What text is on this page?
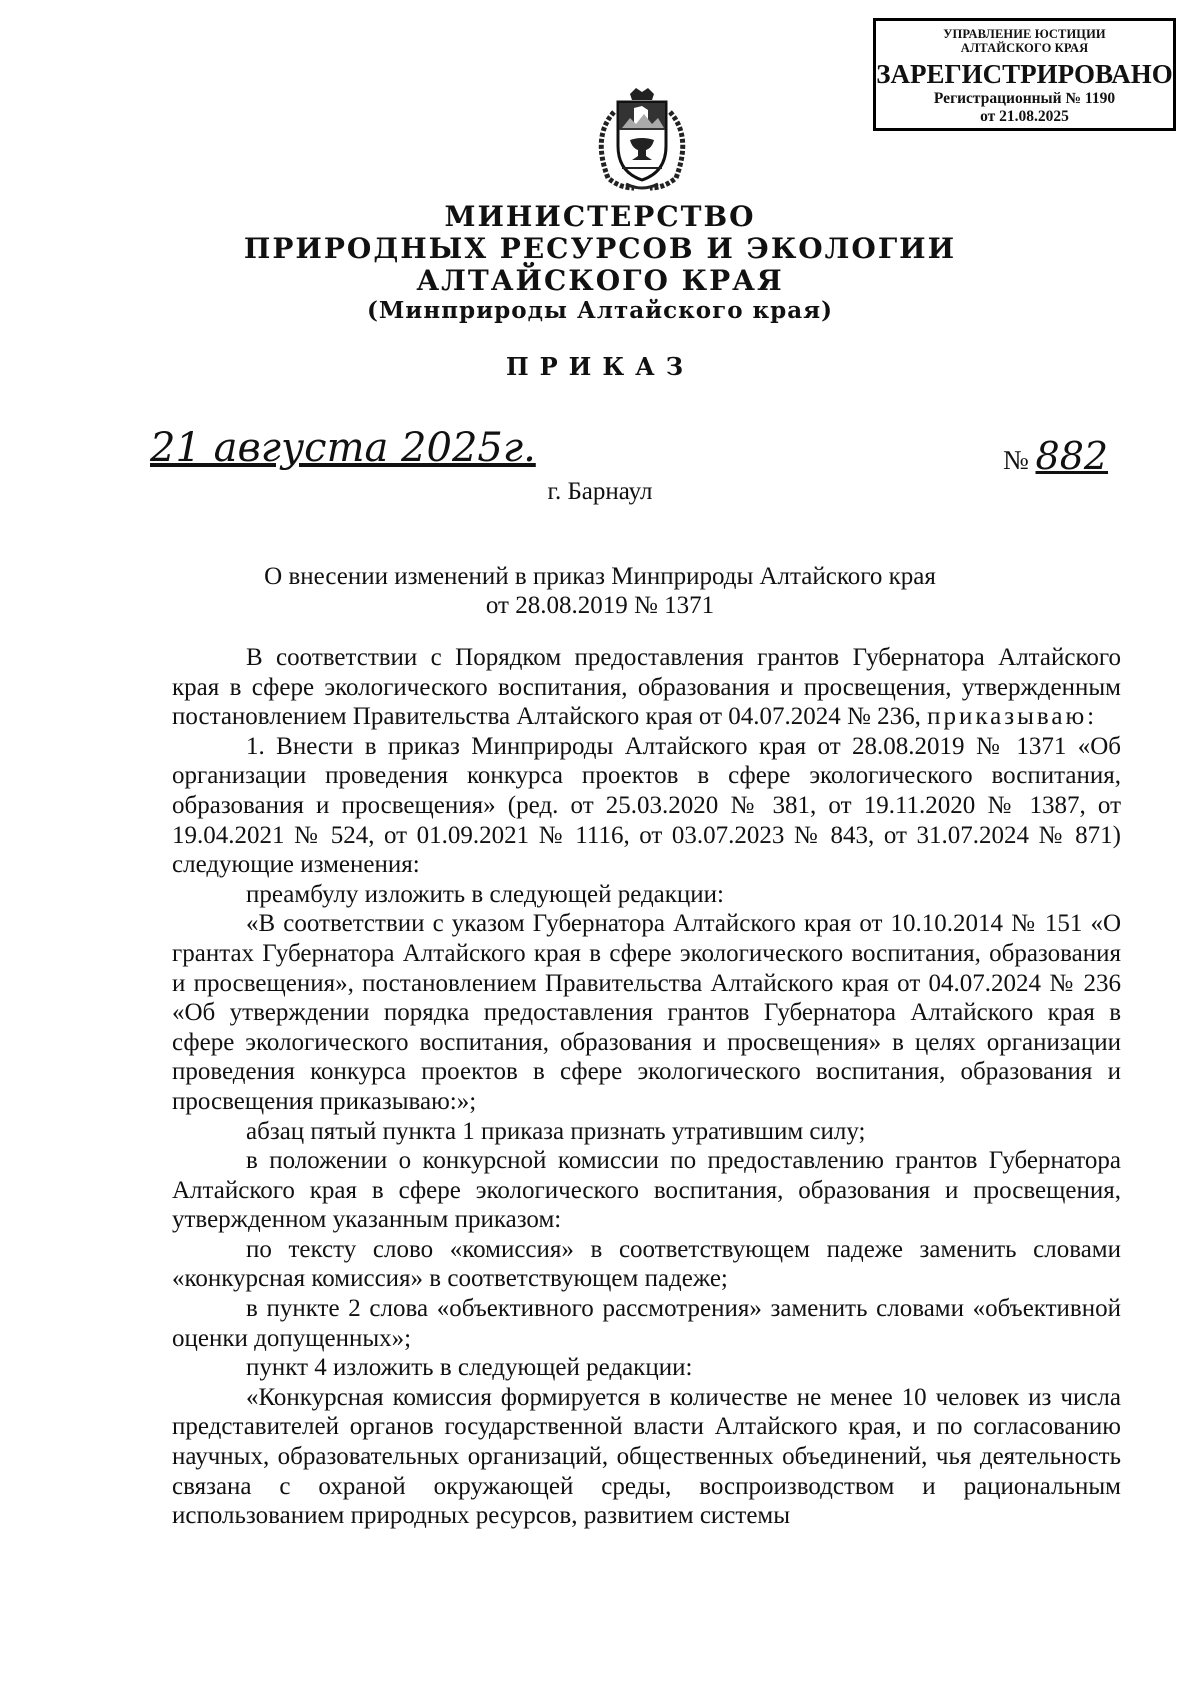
УПРАВЛЕНИЕ ЮСТИЦИИ
АЛТАЙСКОГО КРАЯ
ЗАРЕГИСТРИРОВАНО
Регистрационный № 1190
от 21.08.2025
МИНИСТЕРСТВО
ПРИРОДНЫХ РЕСУРСОВ И ЭКОЛОГИИ
АЛТАЙСКОГО КРАЯ
(Минприроды Алтайского края)
ПРИКАЗ
21 августа 2025г.	№ 882
г. Барнаул
О внесении изменений в приказ Минприроды Алтайского края
от 28.08.2019 № 1371

В соответствии с Порядком предоставления грантов Губернатора Алтайского края в сфере экологического воспитания, образования и просвещения, утвержденным постановлением Правительства Алтайского края от 04.07.2024 № 236, приказываю:

1. Внести в приказ Минприроды Алтайского края от 28.08.2019 № 1371 «Об организации проведения конкурса проектов в сфере экологического воспитания, образования и просвещения» (ред. от 25.03.2020 № 381, от 19.11.2020 № 1387, от 19.04.2021 № 524, от 01.09.2021 № 1116, от 03.07.2023 № 843, от 31.07.2024 № 871) следующие изменения:

преамбулу изложить в следующей редакции:

«В соответствии с указом Губернатора Алтайского края от 10.10.2014 № 151 «О грантах Губернатора Алтайского края в сфере экологического воспитания, образования и просвещения», постановлением Правительства Алтайского края от 04.07.2024 № 236 «Об утверждении порядка предоставления грантов Губернатора Алтайского края в сфере экологического воспитания, образования и просвещения» в целях организации проведения конкурса проектов в сфере экологического воспитания, образования и просвещения приказываю:»;

абзац пятый пункта 1 приказа признать утратившим силу;

в положении о конкурсной комиссии по предоставлению грантов Губернатора Алтайского края в сфере экологического воспитания, образования и просвещения, утвержденном указанным приказом:

по тексту слово «комиссия» в соответствующем падеже заменить словами «конкурсная комиссия» в соответствующем падеже;

в пункте 2 слова «объективного рассмотрения» заменить словами «объективной оценки допущенных»;

пункт 4 изложить в следующей редакции:

«Конкурсная комиссия формируется в количестве не менее 10 человек из числа представителей органов государственной власти Алтайского края, и по согласованию научных, образовательных организаций, общественных объединений, чья деятельность связана с охраной окружающей среды, воспроизводством и рациональным использованием природных ресурсов, развитием системы
